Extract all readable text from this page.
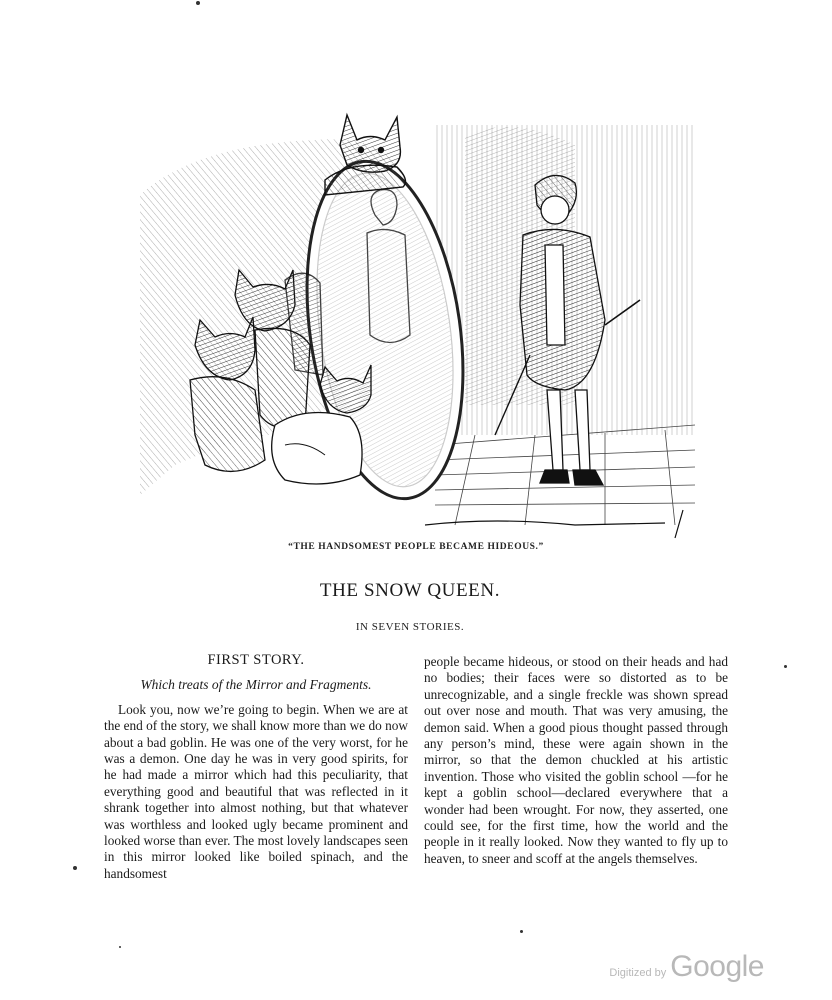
“THE HANDSOMEST PEOPLE BECAME HIDEOUS.”
THE SNOW QUEEN.
IN SEVEN STORIES.
FIRST STORY.
Which treats of the Mirror and Fragments.

Look you, now we’re going to begin. When we are at the end of the story, we shall know more than we do now about a bad goblin. He was one of the very worst, for he was a demon. One day he was in very good spirits, for he had made a mirror which had this peculiarity, that everything good and beautiful that was reflected in it shrank together into almost nothing, but that whatever was worthless and looked ugly became prominent and looked worse than ever. The most lovely landscapes seen in this mirror looked like boiled spinach, and the handsomest

people became hideous, or stood on their heads and had no bodies; their faces were so distorted as to be unrecognizable, and a single freckle was shown spread out over nose and mouth. That was very amusing, the demon said. When a good pious thought passed through any person’s mind, these were again shown in the mirror, so that the demon chuckled at his artistic invention. Those who visited the goblin school —for he kept a goblin school—declared everywhere that a wonder had been wrought. For now, they asserted, one could see, for the first time, how the world and the people in it really looked. Now they wanted to fly up to heaven, to sneer and scoff at the angels themselves.

Digitized by Google
